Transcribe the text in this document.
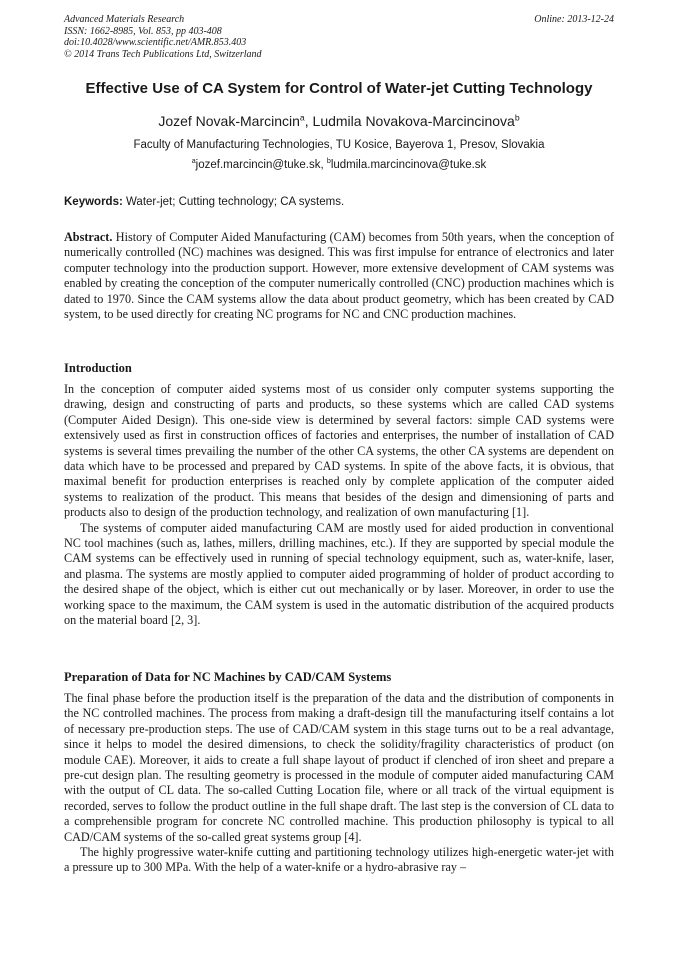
Advanced Materials Research
ISSN: 1662-8985, Vol. 853, pp 403-408
doi:10.4028/www.scientific.net/AMR.853.403
© 2014 Trans Tech Publications Ltd, Switzerland
Online: 2013-12-24
Effective Use of CA System for Control of Water-jet Cutting Technology
Jozef Novak-Marcincin$^a$, Ludmila Novakova-Marcincinova$^b$
Faculty of Manufacturing Technologies, TU Kosice, Bayerova 1, Presov, Slovakia
$^a$jozef.marcincin@tuke.sk, $^b$ludmila.marcincinova@tuke.sk
Keywords: Water-jet; Cutting technology; CA systems.
Abstract. History of Computer Aided Manufacturing (CAM) becomes from 50th years, when the conception of numerically controlled (NC) machines was designed. This was first impulse for entrance of electronics and later computer technology into the production support. However, more extensive development of CAM systems was enabled by creating the conception of the computer numerically controlled (CNC) production machines which is dated to 1970. Since the CAM systems allow the data about product geometry, which has been created by CAD system, to be used directly for creating NC programs for NC and CNC production machines.
Introduction

In the conception of computer aided systems most of us consider only computer systems supporting the drawing, design and constructing of parts and products, so these systems which are called CAD systems (Computer Aided Design). This one-side view is determined by several factors: simple CAD systems were extensively used as first in construction offices of factories and enterprises, the number of installation of CAD systems is several times prevailing the number of the other CA systems, the other CA systems are dependent on data which have to be processed and prepared by CAD systems. In spite of the above facts, it is obvious, that maximal benefit for production enterprises is reached only by complete application of the computer aided systems to realization of the product. This means that besides of the design and dimensioning of parts and products also to design of the production technology, and realization of own manufacturing [1].

The systems of computer aided manufacturing CAM are mostly used for aided production in conventional NC tool machines (such as, lathes, millers, drilling machines, etc.). If they are supported by special module the CAM systems can be effectively used in running of special technology equipment, such as, water-knife, laser, and plasma. The systems are mostly applied to computer aided programming of holder of product according to the desired shape of the object, which is either cut out mechanically or by laser. Moreover, in order to use the working space to the maximum, the CAM system is used in the automatic distribution of the acquired products on the material board [2, 3].

Preparation of Data for NC Machines by CAD/CAM Systems

The final phase before the production itself is the preparation of the data and the distribution of components in the NC controlled machines. The process from making a draft-design till the manufacturing itself contains a lot of necessary pre-production steps. The use of CAD/CAM system in this stage turns out to be a real advantage, since it helps to model the desired dimensions, to check the solidity/fragility characteristics of product (on module CAE). Moreover, it aids to create a full shape layout of product if clenched of iron sheet and prepare a pre-cut design plan. The resulting geometry is processed in the module of computer aided manufacturing CAM with the output of CL data. The so-called Cutting Location file, where or all track of the virtual equipment is recorded, serves to follow the product outline in the full shape draft. The last step is the conversion of CL data to a comprehensible program for concrete NC controlled machine. This production philosophy is typical to all CAD/CAM systems of the so-called great systems group [4].

The highly progressive water-knife cutting and partitioning technology utilizes high-energetic water-jet with a pressure up to 300 MPa. With the help of a water-knife or a hydro-abrasive ray –
